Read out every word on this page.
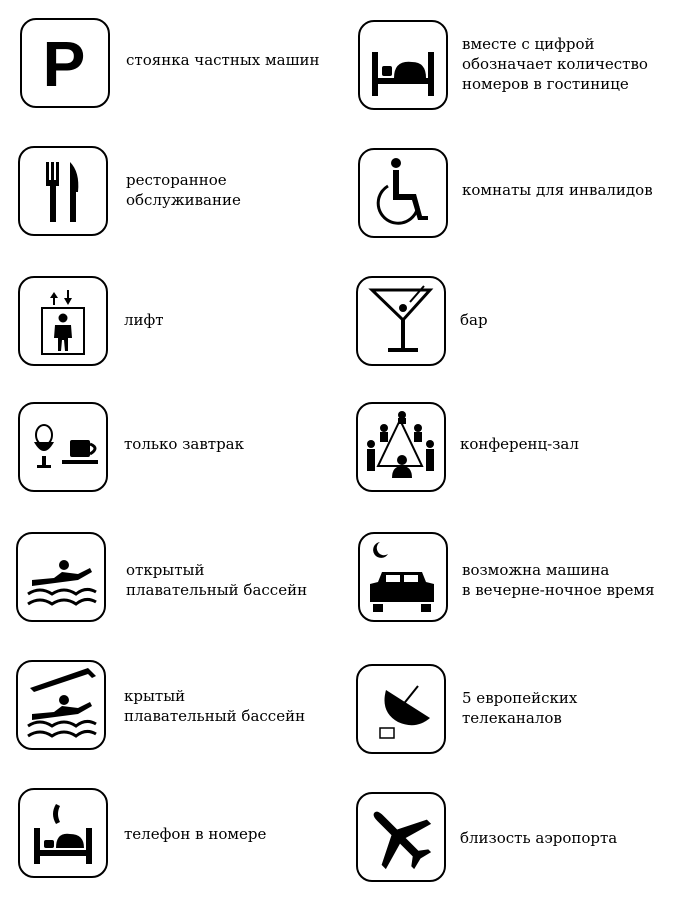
P	стоянка частных машин
ресторанное
обслуживание
лифт
только завтрак
открытый
плавательный бассейн
крытый
плавательный бассейн
телефон в номере
вместе с цифрой
обозначает количество
номеров в гостинице
комнаты для инвалидов
бар
конференц-зал
возможна машина
в вечерне-ночное время
5 европейских
телеканалов
близость аэропорта
